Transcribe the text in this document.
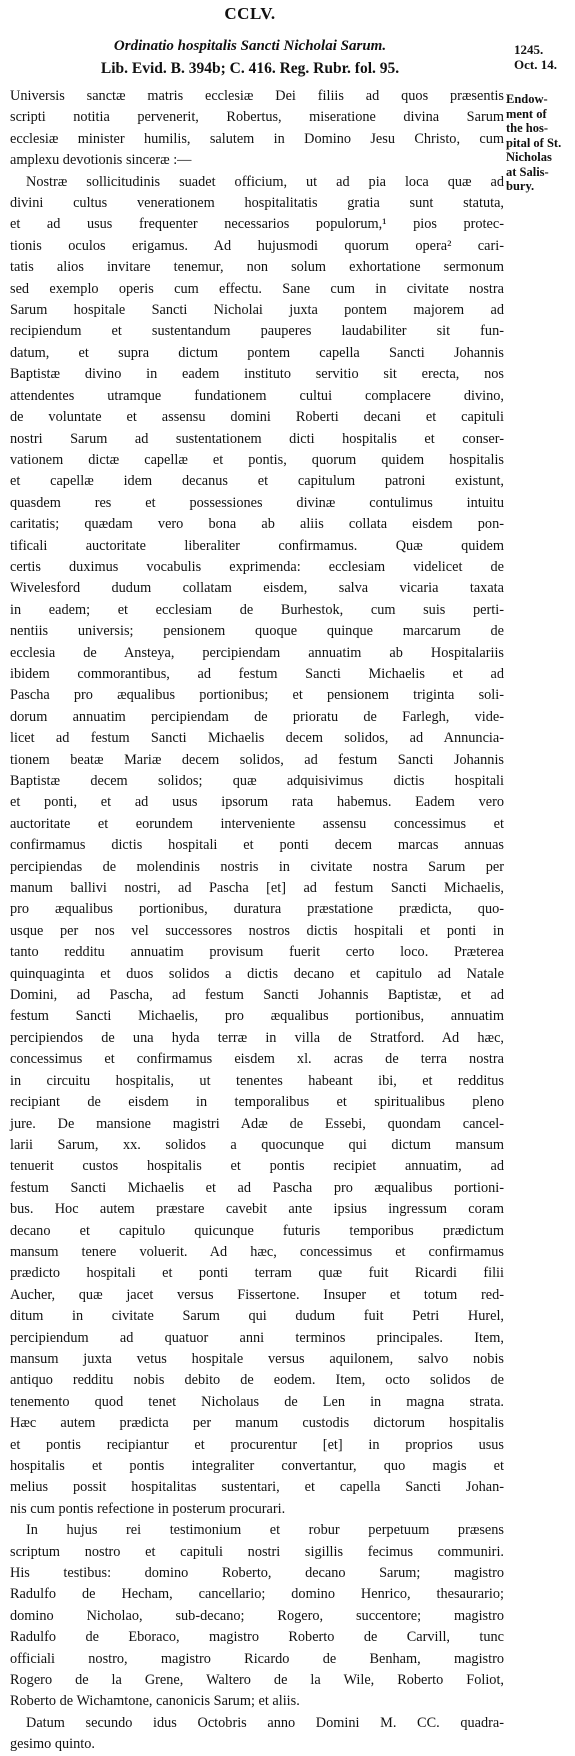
CCLV.
Ordinatio hospitalis Sancti Nicholai Sarum.
Lib. Evid. B. 394b; C. 416. Reg. Rubr. fol. 95.
1245.
Oct. 14.
Endow-
ment of
the hos-
pital of St.
Nicholas
at Salis-
bury.
Universis sanctæ matris ecclesiæ Dei filiis ad quos præsentis
scripti notitia pervenerit, Robertus, miseratione divina Sarum
ecclesiæ minister humilis, salutem in Domino Jesu Christo, cum
amplexu devotionis sinceræ :—
Nostræ sollicitudinis suadet officium, ut ad pia loca quæ ad
divini cultus venerationem hospitalitatis gratia sunt statuta,
et ad usus frequenter necessarios populorum,¹ pios protec-
tionis oculos erigamus. Ad hujusmodi quorum opera² cari-
tatis alios invitare tenemur, non solum exhortatione sermonum
sed exemplo operis cum effectu. Sane cum in civitate nostra
Sarum hospitale Sancti Nicholai juxta pontem majorem ad
recipiendum et sustentandum pauperes laudabiliter sit fun-
datum, et supra dictum pontem capella Sancti Johannis
Baptistæ divino in eadem instituto servitio sit erecta, nos
attendentes utramque fundationem cultui complacere divino,
de voluntate et assensu domini Roberti decani et capituli
nostri Sarum ad sustentationem dicti hospitalis et conser-
vationem dictæ capellæ et pontis, quorum quidem hospitalis
et capellæ idem decanus et capitulum patroni existunt,
quasdem res et possessiones divinæ contulimus intuitu
caritatis; quædam vero bona ab aliis collata eisdem pon-
tificali auctoritate liberaliter confirmamus. Quæ quidem
certis duximus vocabulis exprimenda: ecclesiam videlicet de
Wivelesford dudum collatam eisdem, salva vicaria taxata
in eadem; et ecclesiam de Burhestok, cum suis perti-
nentiis universis; pensionem quoque quinque marcarum de
ecclesia de Ansteya, percipiendam annuatim ab Hospitalariis
ibidem commorantibus, ad festum Sancti Michaelis et ad
Pascha pro æqualibus portionibus; et pensionem triginta soli-
dorum annuatim percipiendam de prioratu de Farlegh, vide-
licet ad festum Sancti Michaelis decem solidos, ad Annuncia-
tionem beatæ Mariæ decem solidos, ad festum Sancti Johannis
Baptistæ decem solidos; quæ adquisivimus dictis hospitali
et ponti, et ad usus ipsorum rata habemus. Eadem vero
auctoritate et eorundem interveniente assensu concessimus et
confirmamus dictis hospitali et ponti decem marcas annuas
percipiendas de molendinis nostris in civitate nostra Sarum per
manum ballivi nostri, ad Pascha [et] ad festum Sancti Michaelis,
pro æqualibus portionibus, duratura præstatione prædicta, quo-
usque per nos vel successores nostros dictis hospitali et ponti in
tanto redditu annuatim provisum fuerit certo loco. Præterea
quinquaginta et duos solidos a dictis decano et capitulo ad Natale
Domini, ad Pascha, ad festum Sancti Johannis Baptistæ, et ad
festum Sancti Michaelis, pro æqualibus portionibus, annuatim
percipiendos de una hyda terræ in villa de Stratford. Ad hæc,
concessimus et confirmamus eisdem xl. acras de terra nostra
in circuitu hospitalis, ut tenentes habeant ibi, et redditus
recipiant de eisdem in temporalibus et spiritualibus pleno
jure. De mansione magistri Adæ de Essebi, quondam cancel-
larii Sarum, xx. solidos a quocunque qui dictum mansum
tenuerit custos hospitalis et pontis recipiet annuatim, ad
festum Sancti Michaelis et ad Pascha pro æqualibus portioni-
bus. Hoc autem præstare cavebit ante ipsius ingressum coram
decano et capitulo quicunque futuris temporibus prædictum
mansum tenere voluerit. Ad hæc, concessimus et confirmamus
prædicto hospitali et ponti terram quæ fuit Ricardi filii
Aucher, quæ jacet versus Fissertone. Insuper et totum red-
ditum in civitate Sarum qui dudum fuit Petri Hurel,
percipiendum ad quatuor anni terminos principales. Item,
mansum juxta vetus hospitale versus aquilonem, salvo nobis
antiquo redditu nobis debito de eodem. Item, octo solidos de
tenemento quod tenet Nicholaus de Len in magna strata.
Hæc autem prædicta per manum custodis dictorum hospitalis
et pontis recipiantur et procurentur [et] in proprios usus
hospitalis et pontis integraliter convertantur, quo magis et
melius possit hospitalitas sustentari, et capella Sancti Johan-
nis cum pontis refectione in posterum procurari.
In hujus rei testimonium et robur perpetuum præsens
scriptum nostro et capituli nostri sigillis fecimus communiri.
His testibus: domino Roberto, decano Sarum; magistro
Radulfo de Hecham, cancellario; domino Henrico, thesaurario;
domino Nicholao, sub-decano; Rogero, succentore; magistro
Radulfo de Eboraco, magistro Roberto de Carvill, tunc
officiali nostro, magistro Ricardo de Benham, magistro
Rogero de la Grene, Waltero de la Wile, Roberto Foliot,
Roberto de Wichamtone, canonicis Sarum; et aliis.
Datum secundo idus Octobris anno Domini M. CC. quadra-
gesimo quinto.
